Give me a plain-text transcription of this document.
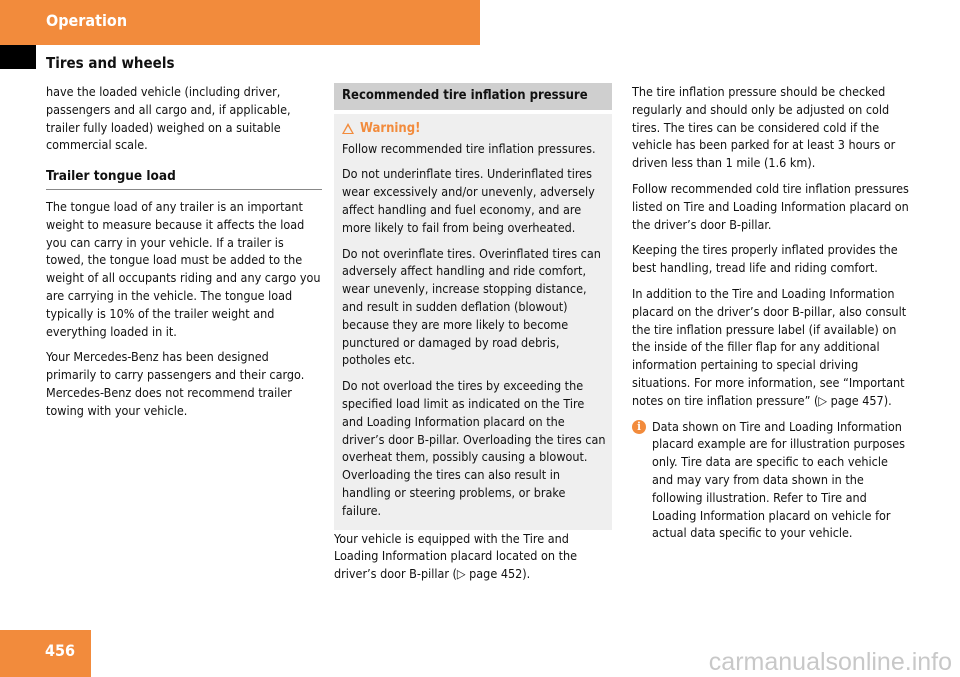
Operation
Tires and wheels

have the loaded vehicle (including driver, passengers and all cargo and, if applicable, trailer fully loaded) weighed on a suitable commercial scale.

Trailer tongue load

The tongue load of any trailer is an important weight to measure because it affects the load you can carry in your vehicle. If a trailer is towed, the tongue load must be added to the weight of all occupants riding and any cargo you are carrying in the vehicle. The tongue load typically is 10% of the trailer weight and everything loaded in it.

Your Mercedes-Benz has been designed primarily to carry passengers and their cargo. Mercedes-Benz does not recommend trailer towing with your vehicle.

Recommended tire inflation pressure
Warning!

Follow recommended tire inflation pressures.

Do not underinflate tires. Underinflated tires wear excessively and/or unevenly, adversely affect handling and fuel economy, and are more likely to fail from being overheated.

Do not overinflate tires. Overinflated tires can adversely affect handling and ride comfort, wear unevenly, increase stopping distance, and result in sudden deflation (blowout) because they are more likely to become punctured or damaged by road debris, potholes etc.

Do not overload the tires by exceeding the specified load limit as indicated on the Tire and Loading Information placard on the driver’s door B-pillar. Overloading the tires can overheat them, possibly causing a blowout. Overloading the tires can also result in handling or steering problems, or brake failure.

Your vehicle is equipped with the Tire and Loading Information placard located on the driver’s door B-pillar (▷ page 452).

The tire inflation pressure should be checked regularly and should only be adjusted on cold tires. The tires can be considered cold if the vehicle has been parked for at least 3 hours or driven less than 1 mile (1.6 km).

Follow recommended cold tire inflation pressures listed on Tire and Loading Information placard on the driver’s door B-pillar.

Keeping the tires properly inflated provides the best handling, tread life and riding comfort.

In addition to the Tire and Loading Information placard on the driver’s door B-pillar, also consult the tire inflation pressure label (if available) on the inside of the filler flap for any additional information pertaining to special driving situations. For more information, see “Important notes on tire inflation pressure” (▷ page 457).

i Data shown on Tire and Loading Information placard example are for illustration purposes only. Tire data are specific to each vehicle and may vary from data shown in the following illustration. Refer to Tire and Loading Information placard on vehicle for actual data specific to your vehicle.
456	carmanualsonline.info
